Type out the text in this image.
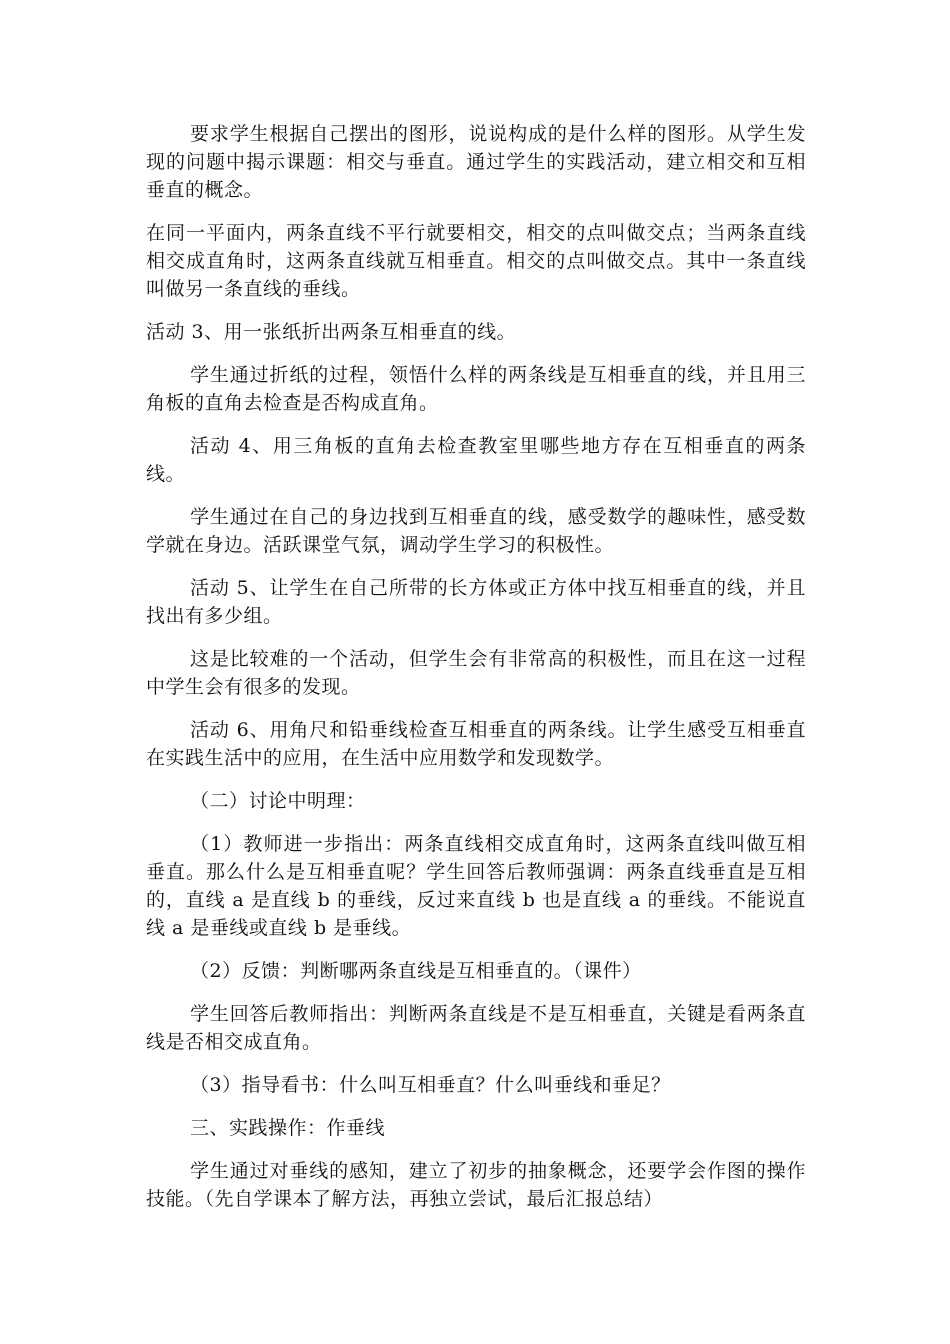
要求学生根据自己摆出的图形，说说构成的是什么样的图形。从学生发现的问题中揭示课题：相交与垂直。通过学生的实践活动，建立相交和互相垂直的概念。

在同一平面内，两条直线不平行就要相交，相交的点叫做交点；当两条直线相交成直角时，这两条直线就互相垂直。相交的点叫做交点。其中一条直线叫做另一条直线的垂线。

活动 3、用一张纸折出两条互相垂直的线。

学生通过折纸的过程，领悟什么样的两条线是互相垂直的线，并且用三角板的直角去检查是否构成直角。

活动 4、用三角板的直角去检查教室里哪些地方存在互相垂直的两条线。

学生通过在自己的身边找到互相垂直的线，感受数学的趣味性，感受数学就在身边。活跃课堂气氛，调动学生学习的积极性。

活动 5、让学生在自己所带的长方体或正方体中找互相垂直的线，并且找出有多少组。

这是比较难的一个活动，但学生会有非常高的积极性，而且在这一过程中学生会有很多的发现。

活动 6、用角尺和铅垂线检查互相垂直的两条线。让学生感受互相垂直在实践生活中的应用，在生活中应用数学和发现数学。

（二）讨论中明理：

（1）教师进一步指出：两条直线相交成直角时，这两条直线叫做互相垂直。那么什么是互相垂直呢？学生回答后教师强调：两条直线垂直是互相的，直线 a 是直线 b 的垂线，反过来直线 b 也是直线 a 的垂线。不能说直线 a 是垂线或直线 b 是垂线。

（2）反馈：判断哪两条直线是互相垂直的。（课件）

学生回答后教师指出：判断两条直线是不是互相垂直，关键是看两条直线是否相交成直角。

（3）指导看书：什么叫互相垂直？什么叫垂线和垂足？

三、实践操作：作垂线

学生通过对垂线的感知，建立了初步的抽象概念，还要学会作图的操作技能。（先自学课本了解方法，再独立尝试，最后汇报总结）
